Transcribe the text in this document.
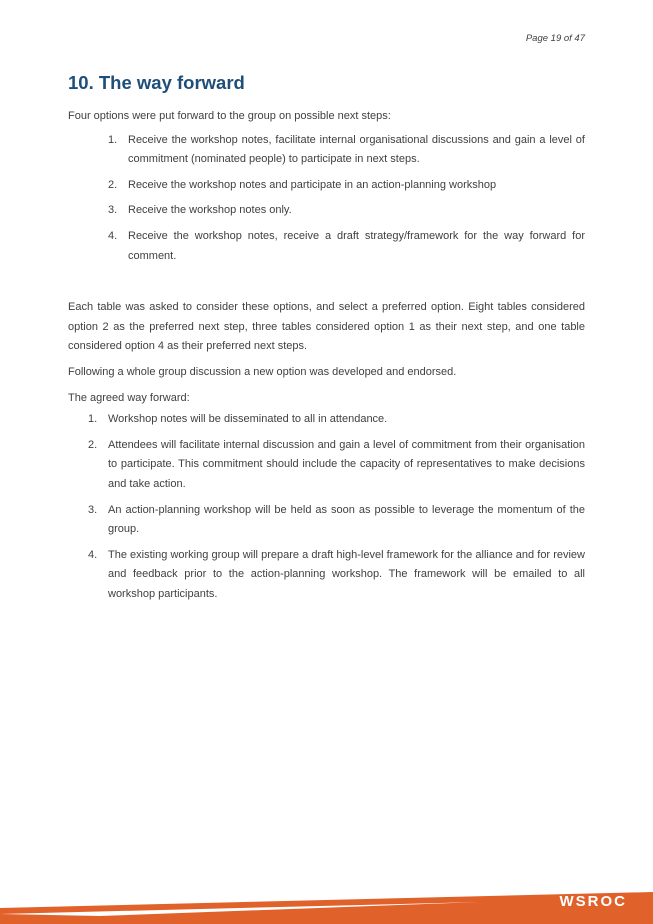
Page 19 of 47
10. The way forward

Four options were put forward to the group on possible next steps:

1. Receive the workshop notes, facilitate internal organisational discussions and gain a level of commitment (nominated people) to participate in next steps.
2. Receive the workshop notes and participate in an action-planning workshop
3. Receive the workshop notes only.
4. Receive the workshop notes, receive a draft strategy/framework for the way forward for comment.

Each table was asked to consider these options, and select a preferred option. Eight tables considered option 2 as the preferred next step, three tables considered option 1 as their next step, and one table considered option 4 as their preferred next steps.

Following a whole group discussion a new option was developed and endorsed.

The agreed way forward:

1. Workshop notes will be disseminated to all in attendance.
2. Attendees will facilitate internal discussion and gain a level of commitment from their organisation to participate. This commitment should include the capacity of representatives to make decisions and take action.
3. An action-planning workshop will be held as soon as possible to leverage the momentum of the group.
4. The existing working group will prepare a draft high-level framework for the alliance and for review and feedback prior to the action-planning workshop. The framework will be emailed to all workshop participants.
WSROC
